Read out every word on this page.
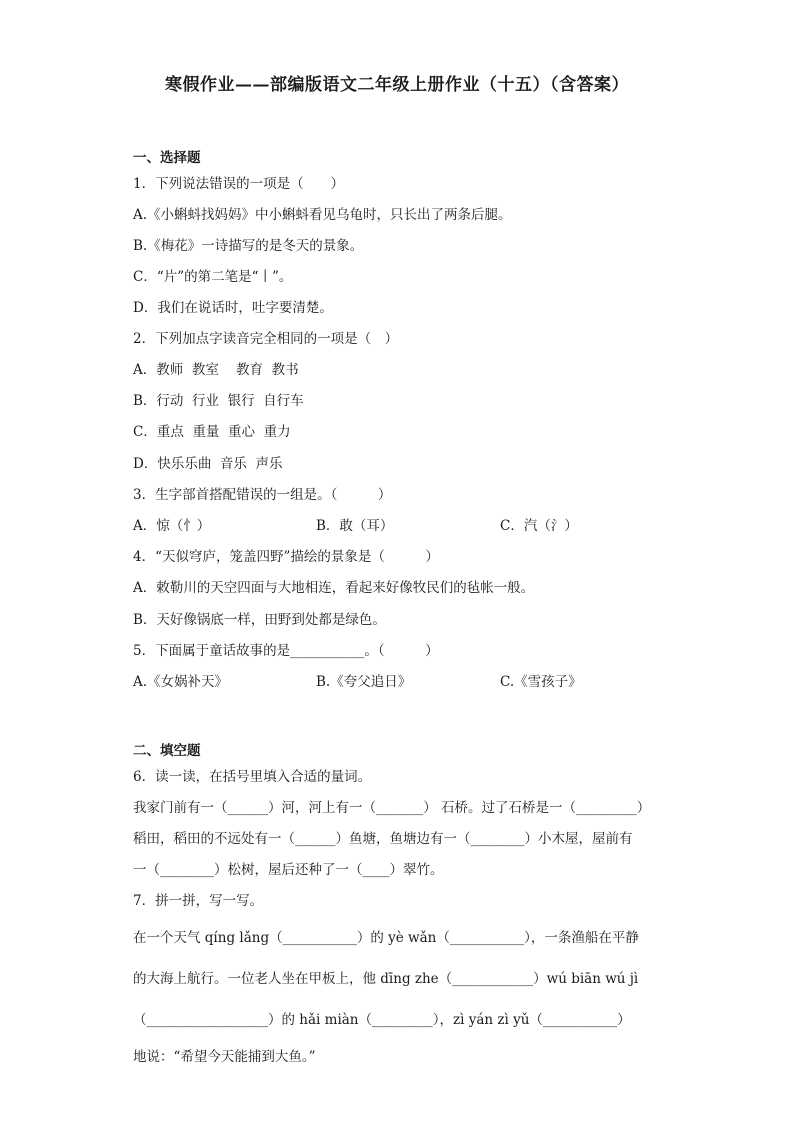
寒假作业——部编版语文二年级上册作业（十五）（含答案）
一、选择题
1．下列说法错误的一项是（　　）
A.《小蝌蚪找妈妈》中小蝌蚪看见乌龟时，只长出了两条后腿。
B.《梅花》一诗描写的是冬天的景象。
C．“片”的第二笔是“丨”。
D．我们在说话时，吐字要清楚。
2．下列加点字读音完全相同的一项是（　）
A．教师  教室    教育  教书
B．行动  行业  银行  自行车
C．重点  重量  重心  重力
D．快乐乐曲  音乐  声乐
3．生字部首搭配错误的一组是。（　　　）
A．惊（忄）	B．敢（耳）	C．汽（氵）
4．“天似穹庐，笼盖四野”描绘的景象是（　　　）
A．敕勒川的天空四面与大地相连，看起来好像牧民们的毡帐一般。
B．天好像锅底一样，田野到处都是绿色。
5．下面属于童话故事的是___________。（　　　）
A.《女娲补天》	B.《夸父追日》	C.《雪孩子》
二、填空题
6．读一读，在括号里填入合适的量词。
我家门前有一（______）河，河上有一（_______） 石桥。过了石桥是一（_________）
稻田，稻田的不远处有一（______）鱼塘，鱼塘边有一（________）小木屋，屋前有
一（________）松树，屋后还种了一（____）翠竹。
7．拼一拼，写一写。
在一个天气 qíng lǎng（___________）的 yè wǎn（___________），一条渔船在平静
的大海上航行。一位老人坐在甲板上，他 dīng zhe（____________）wú biān wú jì
（__________________）的 hǎi miàn（_________），zì yán zì yǔ（___________）
地说：“希望今天能捕到大鱼。”
